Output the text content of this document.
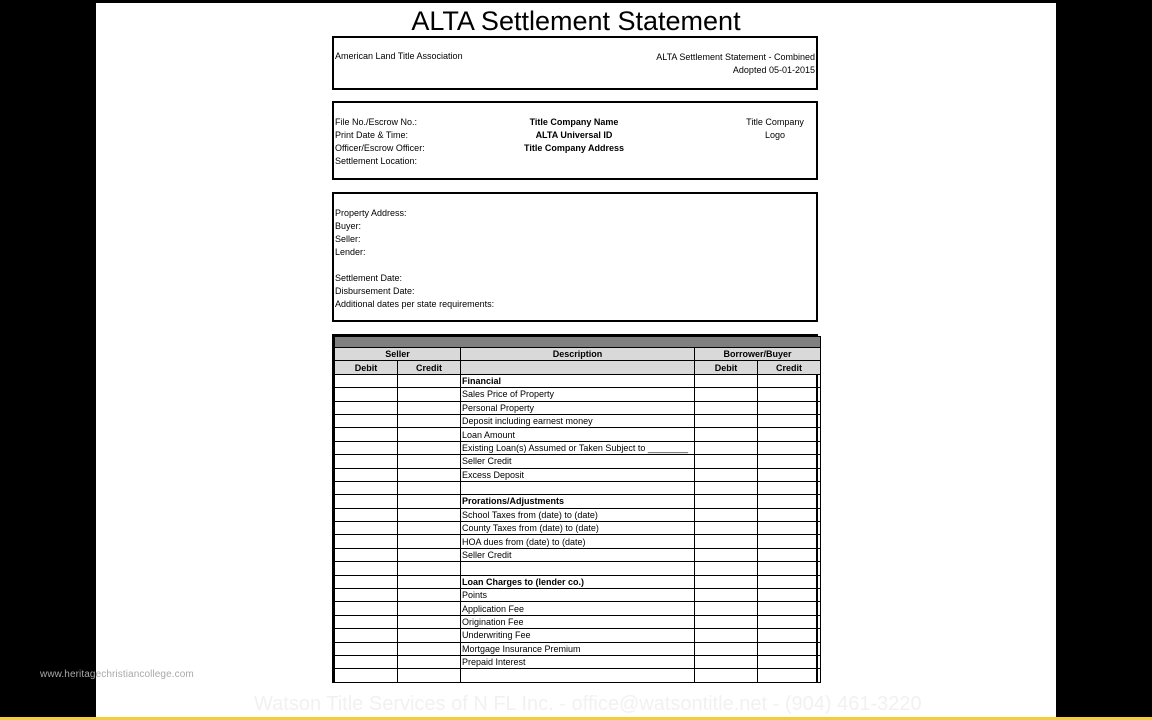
ALTA Settlement Statement
American Land Title Association	ALTA Settlement Statement - Combined
Adopted 05-01-2015
File No./Escrow No.:
Print Date & Time:
Officer/Escrow Officer:
Settlement Location:
Title Company Name
ALTA Universal ID
Title Company Address
Title Company
Logo
Property Address:
Buyer:
Seller:
Lender:
Settlement Date:
Disbursement Date:
Additional dates per state requirements:

Seller		Description	Borrower/Buyer	
Debit	Credit		Debit	Credit
		Financial		
		Sales Price of Property		
		Personal Property		
		Deposit including earnest money		
		Loan Amount		
		Existing Loan(s) Assumed or Taken Subject to ________		
		Seller Credit		
		Excess Deposit		

		Prorations/Adjustments		
		School Taxes from (date) to (date)		
		County Taxes from (date) to (date)		
		HOA dues from (date) to (date)		
		Seller Credit		

		Loan Charges to (lender co.)		
		Points		
		Application Fee		
		Origination Fee		
		Underwriting Fee		
		Mortgage Insurance Premium		
		Prepaid Interest		

www.heritagechristiancollege.com
Watson Title Services of N FL Inc. - office@watsontitle.net - (904) 461-3220
